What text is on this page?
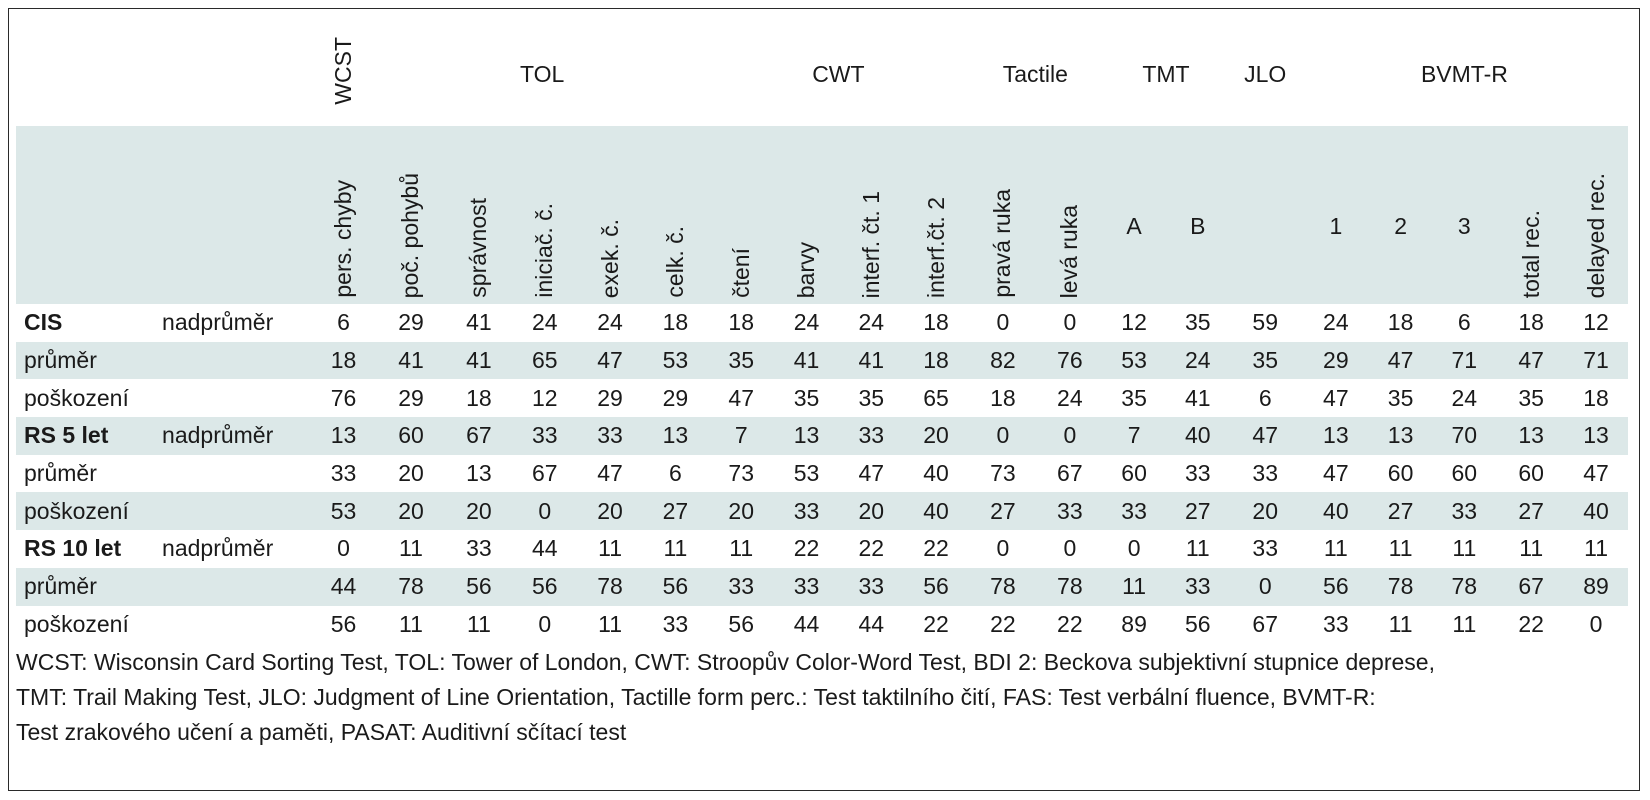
		WCST	TOL					CWT				Tactile		TMT		JLO	BVMT-R				
		pers. chyby	poč. pohybů	správnost	iniciač. č.	exek. č.	celk. č.	čtení	barvy	interf. čt. 1	interf.čt. 2	pravá ruka	levá ruka	A	B		1	2	3	total rec.	delayed rec.
CIS	nadprůměr	6	29	41	24	24	18	18	24	24	18	0	0	12	35	59	24	18	6	18	12
průměr		18	41	41	65	47	53	35	41	41	18	82	76	53	24	35	29	47	71	47	71
poškození		76	29	18	12	29	29	47	35	35	65	18	24	35	41	6	47	35	24	35	18
RS 5 let	nadprůměr	13	60	67	33	33	13	7	13	33	20	0	0	7	40	47	13	13	70	13	13
průměr		33	20	13	67	47	6	73	53	47	40	73	67	60	33	33	47	60	60	60	47
poškození		53	20	20	0	20	27	20	33	20	40	27	33	33	27	20	40	27	33	27	40
RS 10 let	nadprůměr	0	11	33	44	11	11	11	22	22	22	0	0	0	11	33	11	11	11	11	11
průměr		44	78	56	56	78	56	33	33	33	56	78	78	11	33	0	56	78	78	67	89
poškození		56	11	11	0	11	33	56	44	44	22	22	22	89	56	67	33	11	11	22	0
WCST: Wisconsin Card Sorting Test, TOL: Tower of London, CWT: Stroopův Color-Word Test, BDI 2: Beckova subjektivní stupnice deprese,
TMT: Trail Making Test, JLO: Judgment of Line Orientation, Tactille form perc.: Test taktilního čití, FAS: Test verbální fluence, BVMT-R:
Test zrakového učení a paměti, PASAT: Auditivní sčítací test
